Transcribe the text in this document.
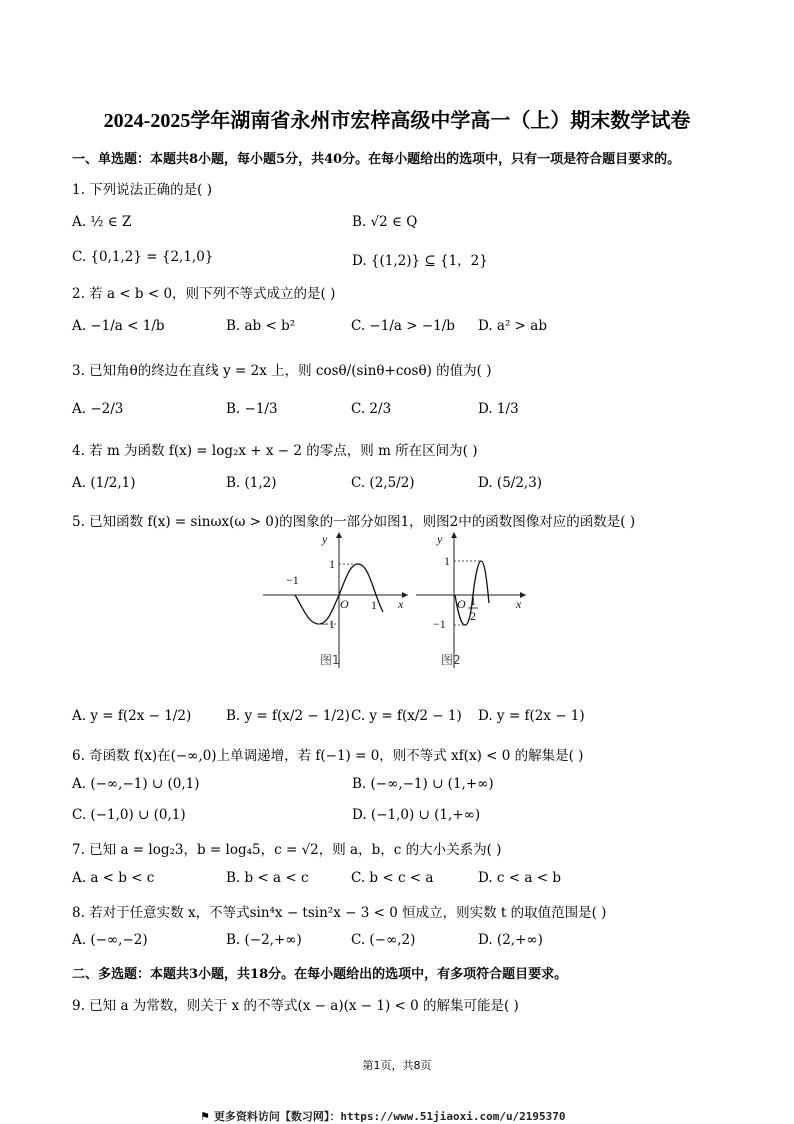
2024-2025学年湖南省永州市宏梓高级中学高一（上）期末数学试卷
一、单选题：本题共8小题，每小题5分，共40分。在每小题给出的选项中，只有一项是符合题目要求的。
1. 下列说法正确的是( )
A. ½ ∈ Z	B. √2 ∈ Q
C. {0,1,2} = {2,1,0}	D. {(1,2)} ⊆ {1，2}
2. 若 a < b < 0，则下列不等式成立的是( )
A. −1/a < 1/b	B. ab < b²	C. −1/a > −1/b D. a² > ab
3. 已知角θ的终边在直线 y = 2x 上，则 cosθ/(sinθ+cosθ) 的值为( )
A. −2/3	B. −1/3	C. 2/3	D. 1/3
4. 若 m 为函数 f(x) = log₂x + x − 2 的零点，则 m 所在区间为( )
A. (1/2,1)	B. (1,2)	C. (2,5/2)	D. (5/2,3)
5. 已知函数 f(x) = sinωx(ω > 0)的图象的一部分如图1，则图2中的函数图像对应的函数是( )
y
x
O
1
−1
1
−1
图1
y
x
O
1
−1
1
2
图2
A. y = f(2x − 1/2)	B. y = f(x/2 − 1/2) C. y = f(x/2 − 1) D. y = f(2x − 1)
6. 奇函数 f(x)在(−∞,0)上单调递增，若 f(−1) = 0，则不等式 xf(x) < 0 的解集是( )
A. (−∞,−1) ∪ (0,1)	B. (−∞,−1) ∪ (1,+∞)
C. (−1,0) ∪ (0,1)	D. (−1,0) ∪ (1,+∞)
7. 已知 a = log₂3，b = log₄5，c = √2，则 a，b，c 的大小关系为( )
A. a < b < c	B. b < a < c	C. b < c < a	D. c < a < b
8. 若对于任意实数 x，不等式sin⁴x − tsin²x − 3 < 0 恒成立，则实数 t 的取值范围是( )
A. (−∞,−2)	B. (−2,+∞)	C. (−∞,2)	D. (2,+∞)
二、多选题：本题共3小题，共18分。在每小题给出的选项中，有多项符合题目要求。
9. 已知 a 为常数，则关于 x 的不等式(x − a)(x − 1) < 0 的解集可能是( )
第1页，共8页
⚑ 更多资料访问【数习网】：https://www.51jiaoxi.com/u/2195370
